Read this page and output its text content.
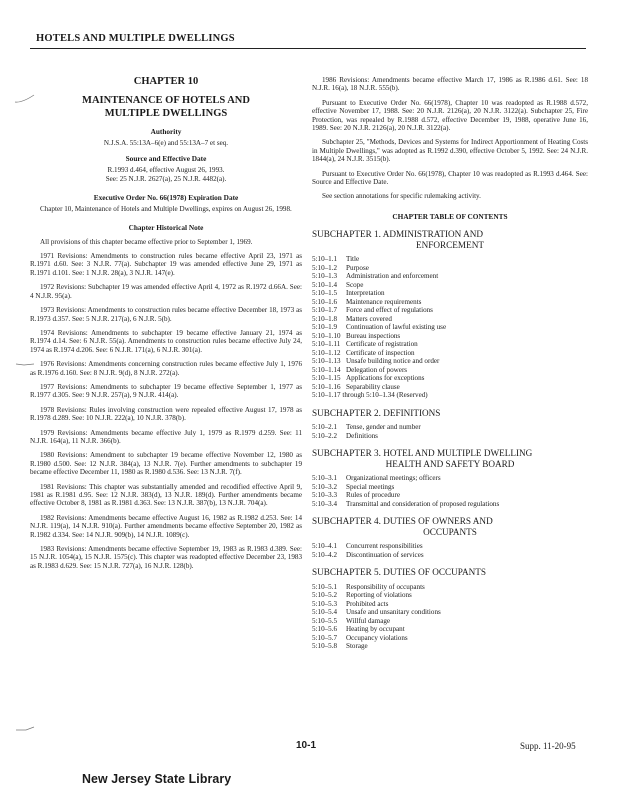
HOTELS AND MULTIPLE DWELLINGS
CHAPTER 10
MAINTENANCE OF HOTELS AND
MULTIPLE DWELLINGS
Authority
N.J.S.A. 55:13A–6(e) and 55:13A–7 et seq.
Source and Effective Date
R.1993 d.464, effective August 26, 1993.
See: 25 N.J.R. 2627(a), 25 N.J.R. 4482(a).
Executive Order No. 66(1978) Expiration Date
Chapter 10, Maintenance of Hotels and Multiple Dwellings, expires on August 26, 1998.
Chapter Historical Note

All provisions of this chapter became effective prior to September 1, 1969.

1971 Revisions: Amendments to construction rules became effective April 23, 1971 as R.1971 d.60. See: 3 N.J.R. 77(a). Subchapter 19 was amended effective June 29, 1971 as R.1971 d.101. See: 1 N.J.R. 28(a), 3 N.J.R. 147(e).

1972 Revisions: Subchapter 19 was amended effective April 4, 1972 as R.1972 d.66A. See: 4 N.J.R. 95(a).

1973 Revisions: Amendments to construction rules became effective December 18, 1973 as R.1973 d.357. See: 5 N.J.R. 217(a), 6 N.J.R. 5(b).

1974 Revisions: Amendments to subchapter 19 became effective January 21, 1974 as R.1974 d.14. See: 6 N.J.R. 55(a). Amendments to construction rules became effective July 24, 1974 as R.1974 d.206. See: 6 N.J.R. 171(a), 6 N.J.R. 301(a).

1976 Revisions: Amendments concerning construction rules became effective July 1, 1976 as R.1976 d.160. See: 8 N.J.R. 9(d), 8 N.J.R. 272(a).

1977 Revisions: Amendments to subchapter 19 became effective September 1, 1977 as R.1977 d.305. See: 9 N.J.R. 257(a), 9 N.J.R. 414(a).

1978 Revisions: Rules involving construction were repealed effective August 17, 1978 as R.1978 d.289. See: 10 N.J.R. 222(a), 10 N.J.R. 378(b).

1979 Revisions: Amendments became effective July 1, 1979 as R.1979 d.259. See: 11 N.J.R. 164(a), 11 N.J.R. 366(b).

1980 Revisions: Amendment to subchapter 19 became effective November 12, 1980 as R.1980 d.500. See: 12 N.J.R. 384(a), 13 N.J.R. 7(e). Further amendments to subchapter 19 became effective December 11, 1980 as R.1980 d.536. See: 13 N.J.R. 7(f).

1981 Revisions: This chapter was substantially amended and recodified effective April 9, 1981 as R.1981 d.95. See: 12 N.J.R. 383(d), 13 N.J.R. 189(d). Further amendments became effective October 8, 1981 as R.1981 d.363. See: 13 N.J.R. 387(b), 13 N.J.R. 704(a).

1982 Revisions: Amendments became effective August 16, 1982 as R.1982 d.253. See: 14 N.J.R. 119(a), 14 N.J.R. 910(a). Further amendments became effective September 20, 1982 as R.1982 d.334. See: 14 N.J.R. 909(b), 14 N.J.R. 1089(c).

1983 Revisions: Amendments became effective September 19, 1983 as R.1983 d.389. See: 15 N.J.R. 1054(a), 15 N.J.R. 1575(c). This chapter was readopted effective December 23, 1983 as R.1983 d.629. See: 15 N.J.R. 727(a), 16 N.J.R. 128(b).

1986 Revisions: Amendments became effective March 17, 1986 as R.1986 d.61. See: 18 N.J.R. 16(a), 18 N.J.R. 555(b).

Pursuant to Executive Order No. 66(1978), Chapter 10 was readopted as R.1988 d.572, effective November 17, 1988. See: 20 N.J.R. 2126(a), 20 N.J.R. 3122(a). Subchapter 25, Fire Protection, was repealed by R.1988 d.572, effective December 19, 1988, operative June 16, 1989. See: 20 N.J.R. 2126(a), 20 N.J.R. 3122(a).

Subchapter 25, "Methods, Devices and Systems for Indirect Apportionment of Heating Costs in Multiple Dwellings," was adopted as R.1992 d.390, effective October 5, 1992. See: 24 N.J.R. 1844(a), 24 N.J.R. 3515(b).

Pursuant to Executive Order No. 66(1978), Chapter 10 was readopted as R.1993 d.464. See: Source and Effective Date.

See section annotations for specific rulemaking activity.

CHAPTER TABLE OF CONTENTS
SUBCHAPTER 1. ADMINISTRATION AND
ENFORCEMENT
5:10–1.1	Title
5:10–1.2	Purpose
5:10–1.3	Administration and enforcement
5:10–1.4	Scope
5:10–1.5	Interpretation
5:10–1.6	Maintenance requirements
5:10–1.7	Force and effect of regulations
5:10–1.8	Matters covered
5:10–1.9	Continuation of lawful existing use
5:10–1.10 Bureau inspections
5:10–1.11 Certificate of registration
5:10–1.12 Certificate of inspection
5:10–1.13 Unsafe building notice and order
5:10–1.14 Delegation of powers
5:10–1.15 Applications for exceptions
5:10–1.16 Separability clause
5:10–1.17 through 5:10–1.34 (Reserved)
SUBCHAPTER 2. DEFINITIONS
5:10–2.1	Tense, gender and number
5:10–2.2	Definitions
SUBCHAPTER 3. HOTEL AND MULTIPLE DWELLING
HEALTH AND SAFETY BOARD
5:10–3.1	Organizational meetings; officers
5:10–3.2	Special meetings
5:10–3.3	Rules of procedure
5:10–3.4	Transmittal and consideration of proposed regulations
SUBCHAPTER 4. DUTIES OF OWNERS AND
OCCUPANTS
5:10–4.1	Concurrent responsibilities
5:10–4.2	Discontinuation of services
SUBCHAPTER 5. DUTIES OF OCCUPANTS
5:10–5.1	Responsibility of occupants
5:10–5.2	Reporting of violations
5:10–5.3	Prohibited acts
5:10–5.4	Unsafe and unsanitary conditions
5:10–5.5	Willful damage
5:10–5.6	Heating by occupant
5:10–5.7	Occupancy violations
5:10–5.8	Storage
10-1	Supp. 11-20-95
New Jersey State Library
